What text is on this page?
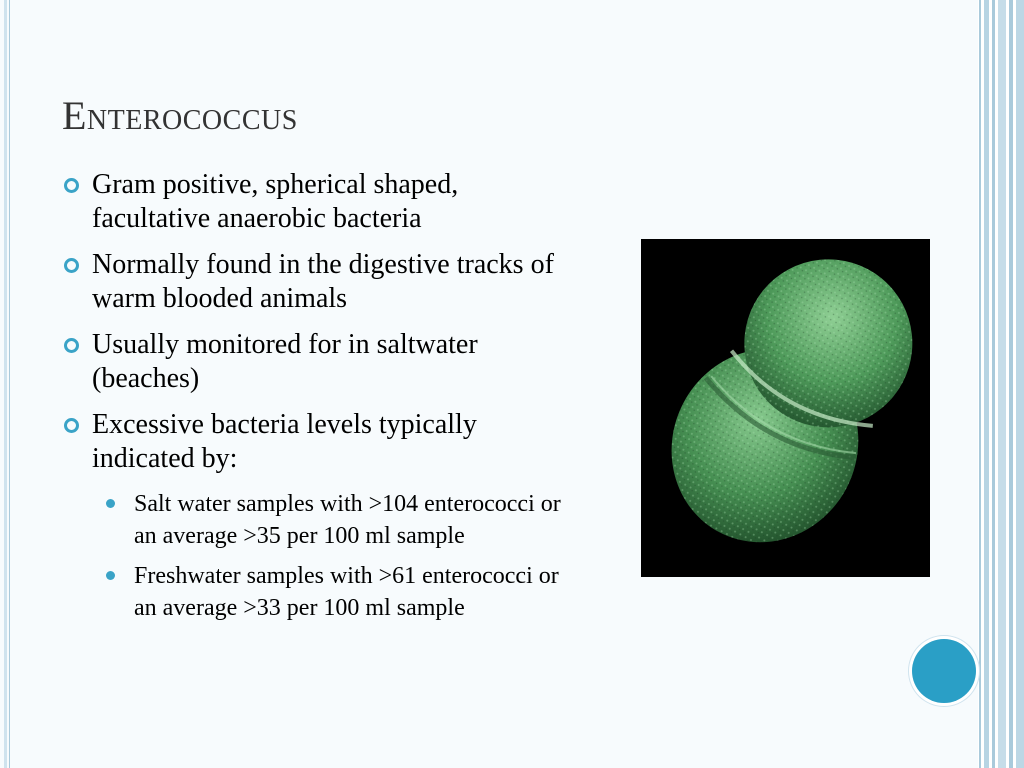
Enterococcus
Gram positive, spherical shaped, facultative anaerobic bacteria
Normally found in the digestive tracks of warm blooded animals
Usually monitored for in saltwater (beaches)
Excessive bacteria levels typically indicated by:
Salt water samples with >104 enterococci or an average >35 per 100 ml sample
Freshwater samples with >61 enterococci or an average >33 per 100 ml sample
